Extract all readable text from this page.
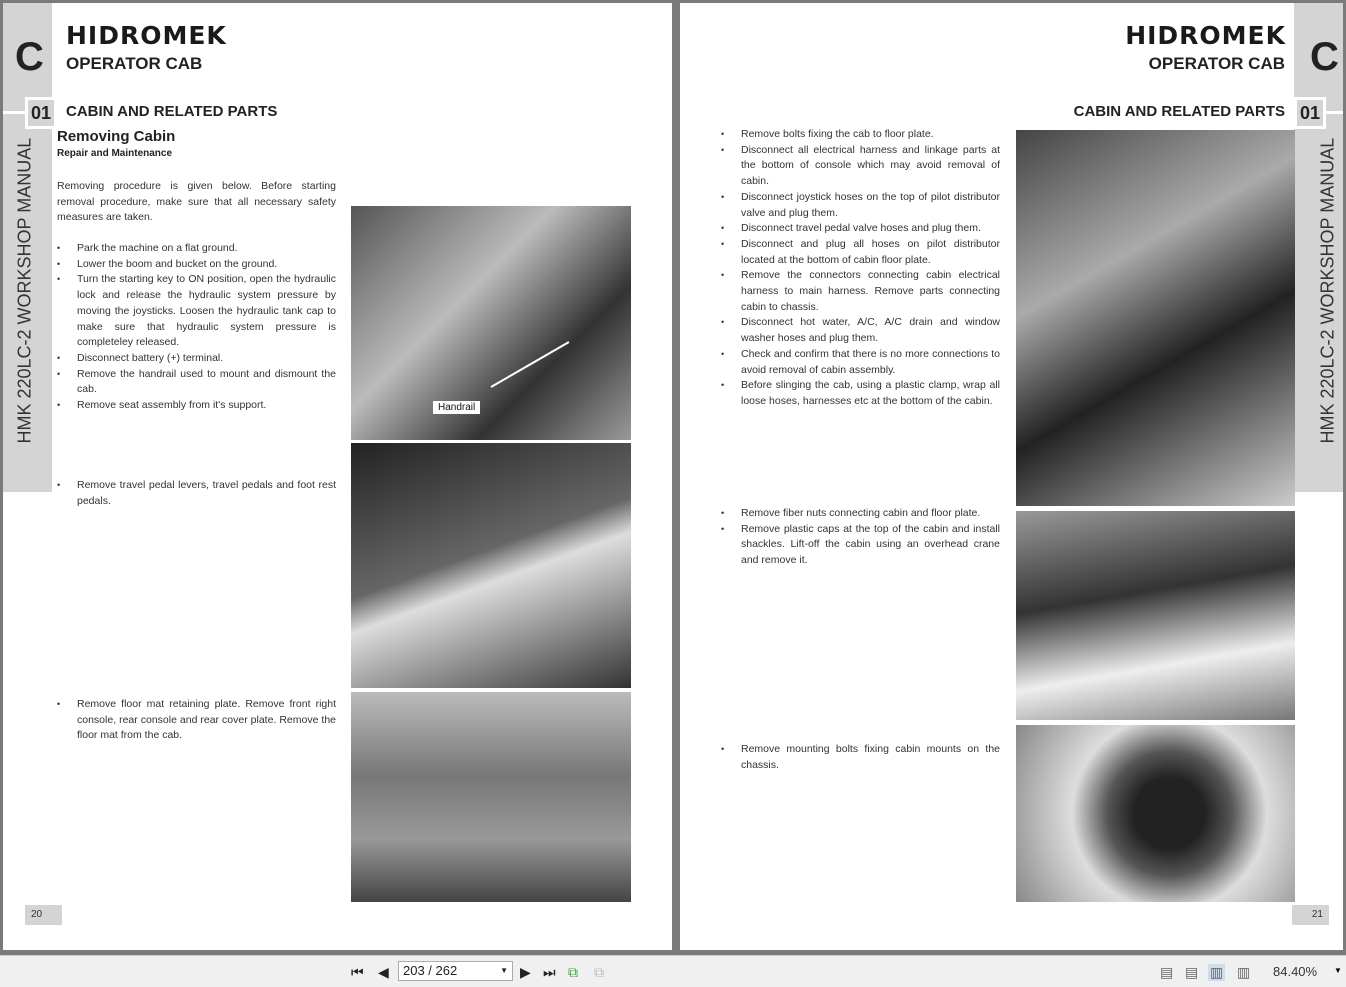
C HIDROMEK
OPERATOR CAB
01 CABIN AND RELATED PARTS
Removing Cabin
Repair and Maintenance
HMK 220LC-2 WORKSHOP MANUAL Removing procedure is given below. Before starting removal procedure, make sure that all necessary safety measures are taken.
• Park the machine on a flat ground.
• Lower the boom and bucket on the ground.
• Turn the starting key to ON position, open the hydraulic lock and release the hydraulic system pressure by moving the joysticks. Loosen the hydraulic tank cap to make sure that hydraulic system pressure is completeley released.
• Disconnect battery (+) terminal.
• Remove the handrail used to mount and dismount the cab.
• Remove seat assembly from it's support.
• Remove travel pedal levers, travel pedals and foot rest pedals.
• Remove floor mat retaining plate. Remove front right console, rear console and rear cover plate. Remove the floor mat from the cab.
Handrail
20
C
HIDROMEK
OPERATOR CAB
01
CABIN AND RELATED PARTS
HMK 220LC-2 WORKSHOP MANUAL
• Remove bolts fixing the cab to floor plate.
• Disconnect all electrical harness and linkage parts at the bottom of console which may avoid removal of cabin.
• Disconnect joystick hoses on the top of pilot distributor valve and plug them.
• Disconnect travel pedal valve hoses and plug them.
• Disconnect and plug all hoses on pilot distributor located at the bottom of cabin floor plate.
• Remove the connectors connecting cabin electrical harness to main harness. Remove parts connecting cabin to chassis.
• Disconnect hot water, A/C, A/C drain and window washer hoses and plug them.
• Check and confirm that there is no more connections to avoid removal of cabin assembly.
• Before slinging the cab, using a plastic clamp, wrap all loose hoses, harnesses etc at the bottom of the cabin.
• Remove fiber nuts connecting cabin and floor plate.
• Remove plastic caps at the top of the cabin and install shackles. Lift-off the cabin using an overhead crane and remove it.
• Remove mounting bolts fixing cabin mounts on the chassis.
21
⏮ ◀	203 / 262	▼ ▶ ⏭ ⧉ ⧉	▤ ▤ ▥ ▥ 84.40% ▼
